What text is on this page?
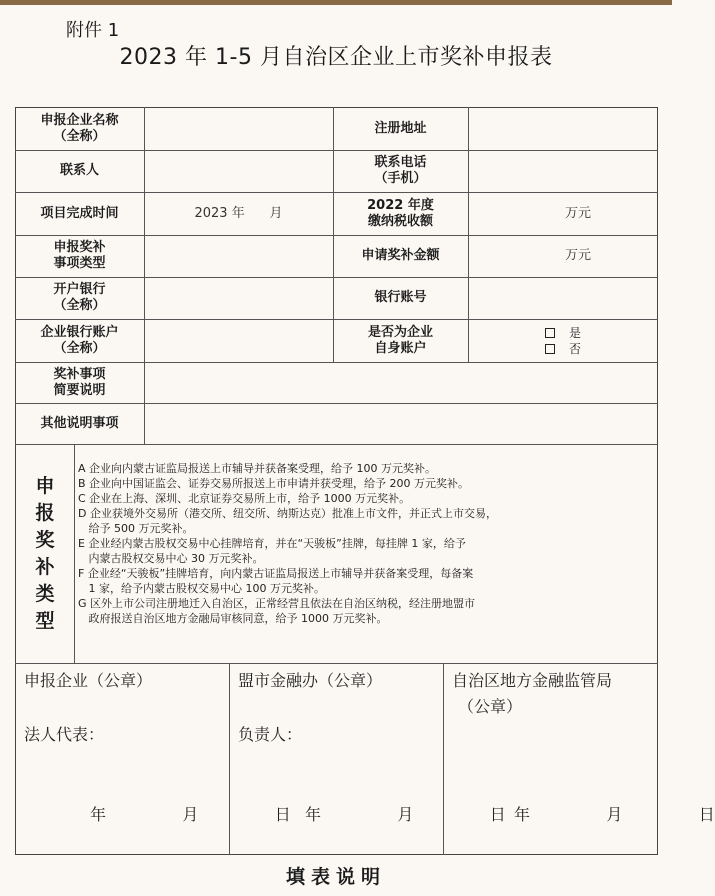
附件 1
2023 年 1-5 月自治区企业上市奖补申报表
申报企业名称
（全称）
注册地址
联系人
联系电话
（手机）
项目完成时间	2023 年      月
2022 年度
缴纳税收额
万元
申报奖补
事项类型
申请奖补金额	万元
开户银行
（全称）
银行账号
企业银行账户
（全称）
是否为企业
自身账户
是
否
奖补事项
简要说明
其他说明事项
申
报
奖
补
类
型
A 企业向内蒙古证监局报送上市辅导并获备案受理，给予 100 万元奖补。
B 企业向中国证监会、证券交易所报送上市申请并获受理，给予 200 万元奖补。
C 企业在上海、深圳、北京证券交易所上市，给予 1000 万元奖补。
D 企业获境外交易所（港交所、纽交所、纳斯达克）批准上市文件，并正式上市交易，
给予 500 万元奖补。
E 企业经内蒙古股权交易中心挂牌培育，并在“天骏板”挂牌，每挂牌 1 家，给予
内蒙古股权交易中心 30 万元奖补。
F 企业经“天骏板”挂牌培育，向内蒙古证监局报送上市辅导并获备案受理，每备案
1 家，给予内蒙古股权交易中心 100 万元奖补。
G 区外上市公司注册地迁入自治区，正常经营且依法在自治区纳税，经注册地盟市
政府报送自治区地方金融局审核同意，给予 1000 万元奖补。
申报企业（公章）
法人代表：
年    月    日
盟市金融办（公章）
负责人：
年    月    日
自治区地方金融监管局
（公章）
年    月    日
填表说明
